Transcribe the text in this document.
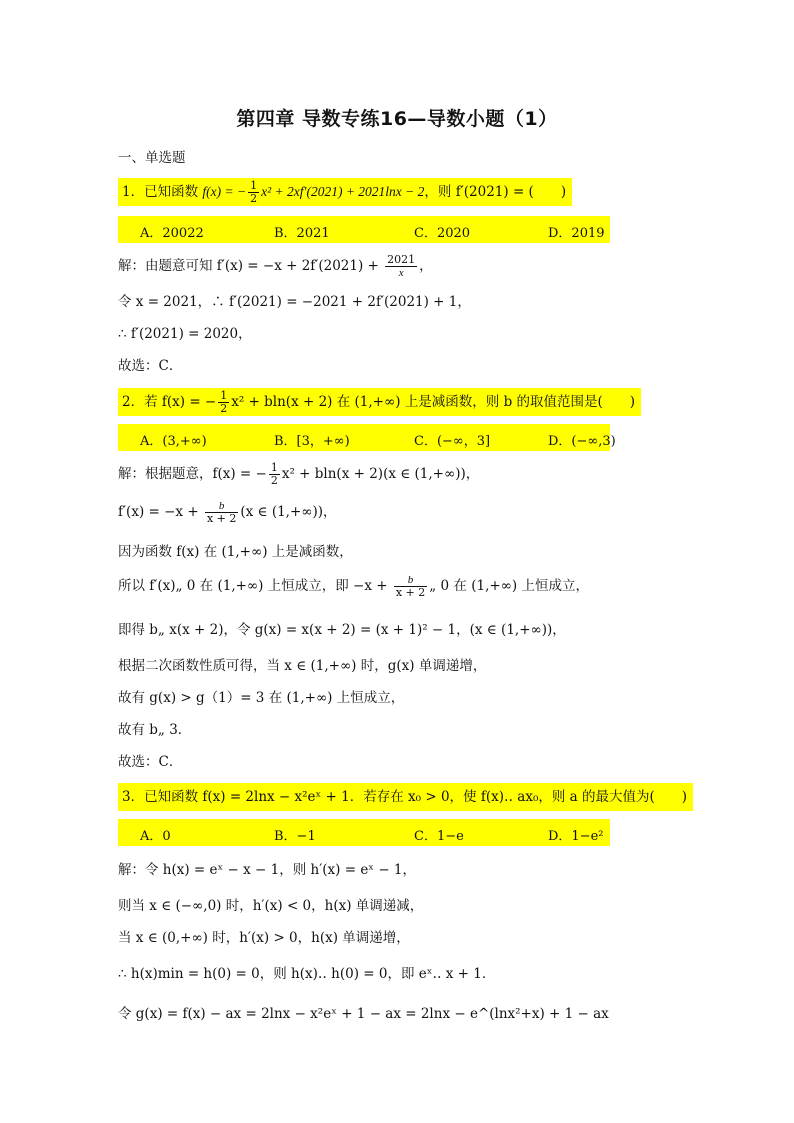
第四章 导数专练16—导数小题（1）
一、单选题
1．已知函数 f(x) = − $\frac{1}{2} x^2 + 2xf'(2021) + 2021\ln x - 2$，则 f′(2021) = (　　)
A．20022	B．2021	C．2020	D．2019

解：由题意可知 $f'(x) = -x + 2f'(2021) + \frac{2021}{x}$ ，
令 x = 2021，∴ f′(2021) = −2021 + 2f′(2021) + 1，
∴ f′(2021) = 2020，
故选：C．
2．若 f(x) = − $\frac{1}{2} x^2 + bln(x + 2)$ 在 (1,+∞) 上是减函数，则 b 的取值范围是(　　)
A．(3,+∞)	B．[3，+∞)	C．(−∞，3]	D．(−∞,3)

解：根据题意，f(x) = − $\frac{1}{2} x^2 + bln(x + 2)(x$ ∈ (1,+∞))，
$f'(x) = -x + \frac{b}{x + 2} (x$ ∈ (1,+∞))，
因为函数 f(x) 在 (1,+∞) 上是减函数，
所以 f′(x)„ 0 在 (1,+∞) 上恒成立，即 $-x + \frac{b}{x + 2}$ „ 0 在 (1,+∞) 上恒成立，
即得 b„ x(x + 2)，令 g(x) = x(x + 2) = (x + 1)² − 1，(x ∈ (1,+∞))，
根据二次函数性质可得，当 x ∈ (1,+∞) 时，g(x) 单调递增，
故有 g(x) > g（1）= 3 在 (1,+∞) 上恒成立，
故有 b„ 3．
故选：C．
3．已知函数 f(x) = 2lnx − x²eˣ + 1．若存在 x₀ > 0，使 f(x)‥ ax₀，则 a 的最大值为(　　)
A．0	B．−1	C．1−e	D．1−e²

解：令 h(x) = eˣ − x − 1，则 h′(x) = eˣ − 1，
则当 x ∈ (−∞,0) 时，h′(x) < 0，h(x) 单调递减，
当 x ∈ (0,+∞) 时，h′(x) > 0，h(x) 单调递增，
∴ h(x)min = h(0) = 0，则 h(x)‥ h(0) = 0，即 eˣ‥ x + 1．
令 g(x) = f(x) − ax = 2lnx − x²eˣ + 1 − ax = 2lnx − e^(lnx²+x) + 1 − ax
